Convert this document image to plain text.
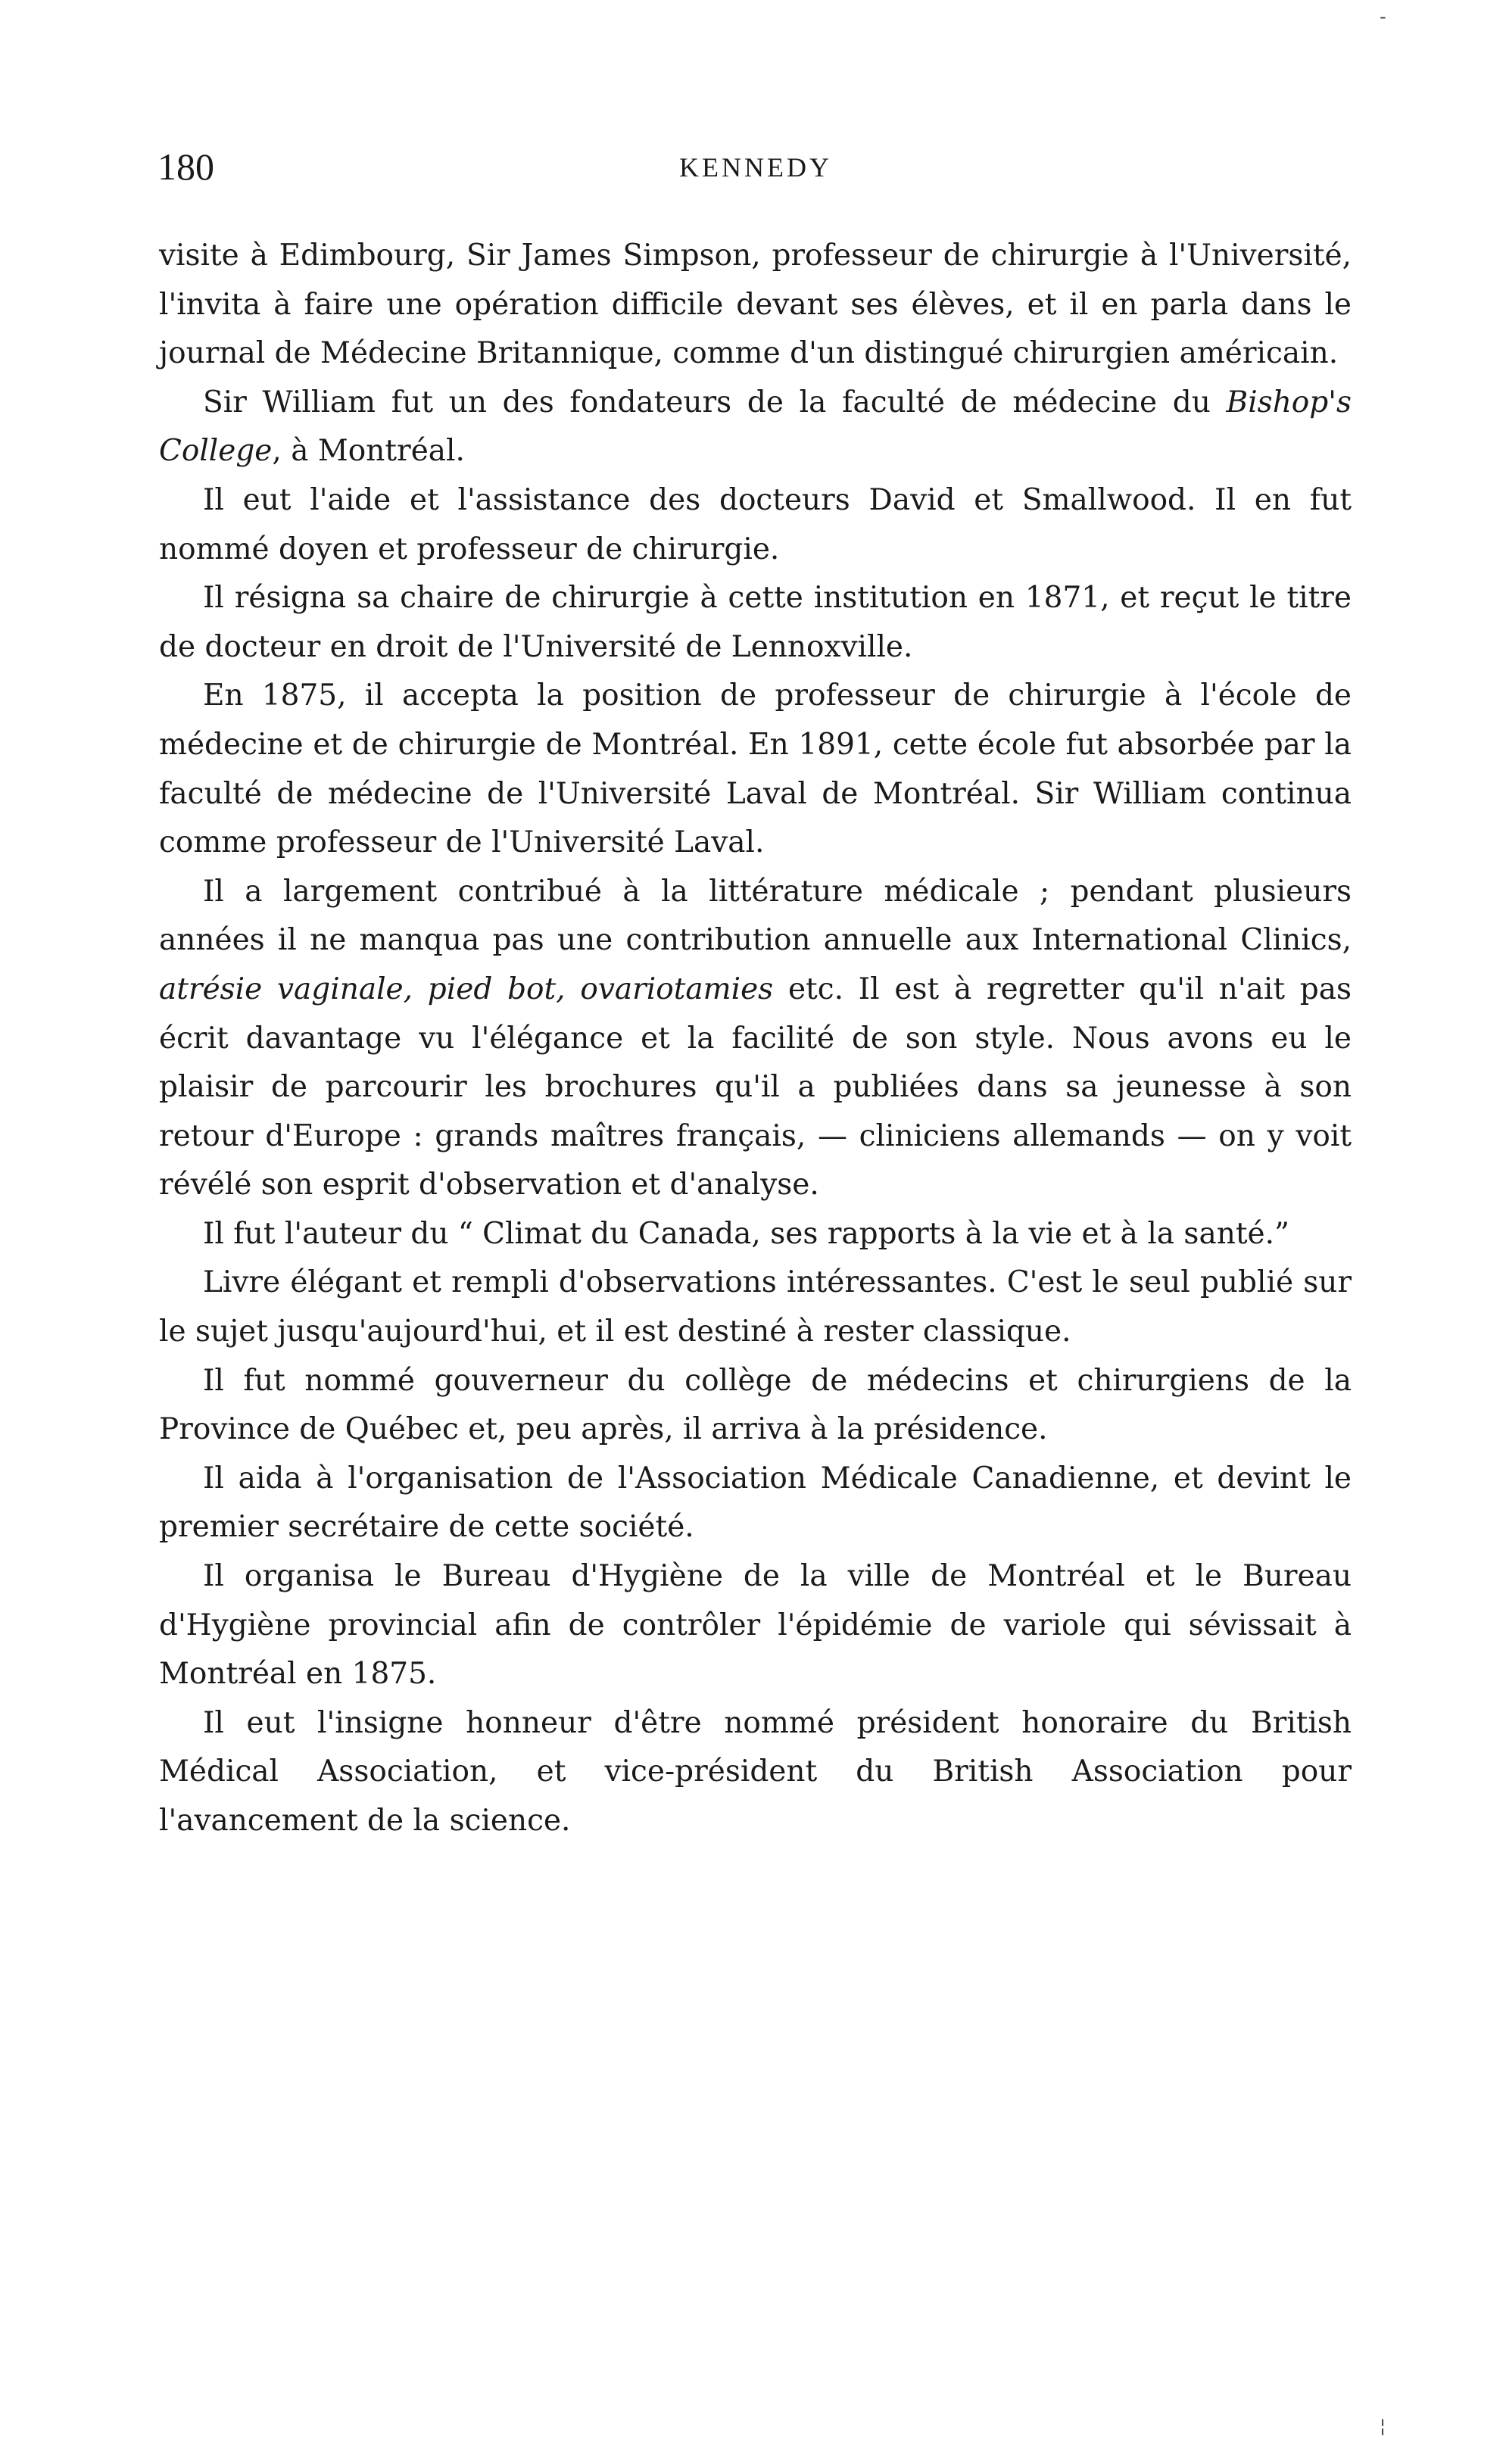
180	KENNEDY

visite à Edimbourg, Sir James Simpson, professeur de chirurgie à l'Université, l'invita à faire une opération difficile devant ses élèves, et il en parla dans le journal de Médecine Britannique, comme d'un distingué chirurgien américain.

Sir William fut un des fondateurs de la faculté de médecine du Bishop's College, à Montréal.

Il eut l'aide et l'assistance des docteurs David et Smallwood. Il en fut nommé doyen et professeur de chirurgie.

Il résigna sa chaire de chirurgie à cette institution en 1871, et reçut le titre de docteur en droit de l'Université de Lennoxville.

En 1875, il accepta la position de professeur de chirurgie à l'école de médecine et de chirurgie de Montréal. En 1891, cette école fut absorbée par la faculté de médecine de l'Université Laval de Montréal. Sir William continua comme professeur de l'Université Laval.

Il a largement contribué à la littérature médicale ; pendant plusieurs années il ne manqua pas une contribution annuelle aux International Clinics, atrésie vaginale, pied bot, ovariotamies etc. Il est à regretter qu'il n'ait pas écrit davantage vu l'élégance et la facilité de son style. Nous avons eu le plaisir de parcourir les brochures qu'il a publiées dans sa jeunesse à son retour d'Europe : grands maîtres français, — cliniciens allemands — on y voit révélé son esprit d'observation et d'analyse.

Il fut l'auteur du “ Climat du Canada, ses rapports à la vie et à la santé.”

Livre élégant et rempli d'observations intéressantes. C'est le seul publié sur le sujet jusqu'aujourd'hui, et il est destiné à rester classique.

Il fut nommé gouverneur du collège de médecins et chirurgiens de la Province de Québec et, peu après, il arriva à la présidence.

Il aida à l'organisation de l'Association Médicale Canadienne, et devint le premier secrétaire de cette société.

Il organisa le Bureau d'Hygiène de la ville de Montréal et le Bureau d'Hygiène provincial afin de contrôler l'épidémie de variole qui sévissait à Montréal en 1875.

Il eut l'insigne honneur d'être nommé président honoraire du British Médical Association, et vice-président du British Association pour l'avancement de la science.

-
¦
